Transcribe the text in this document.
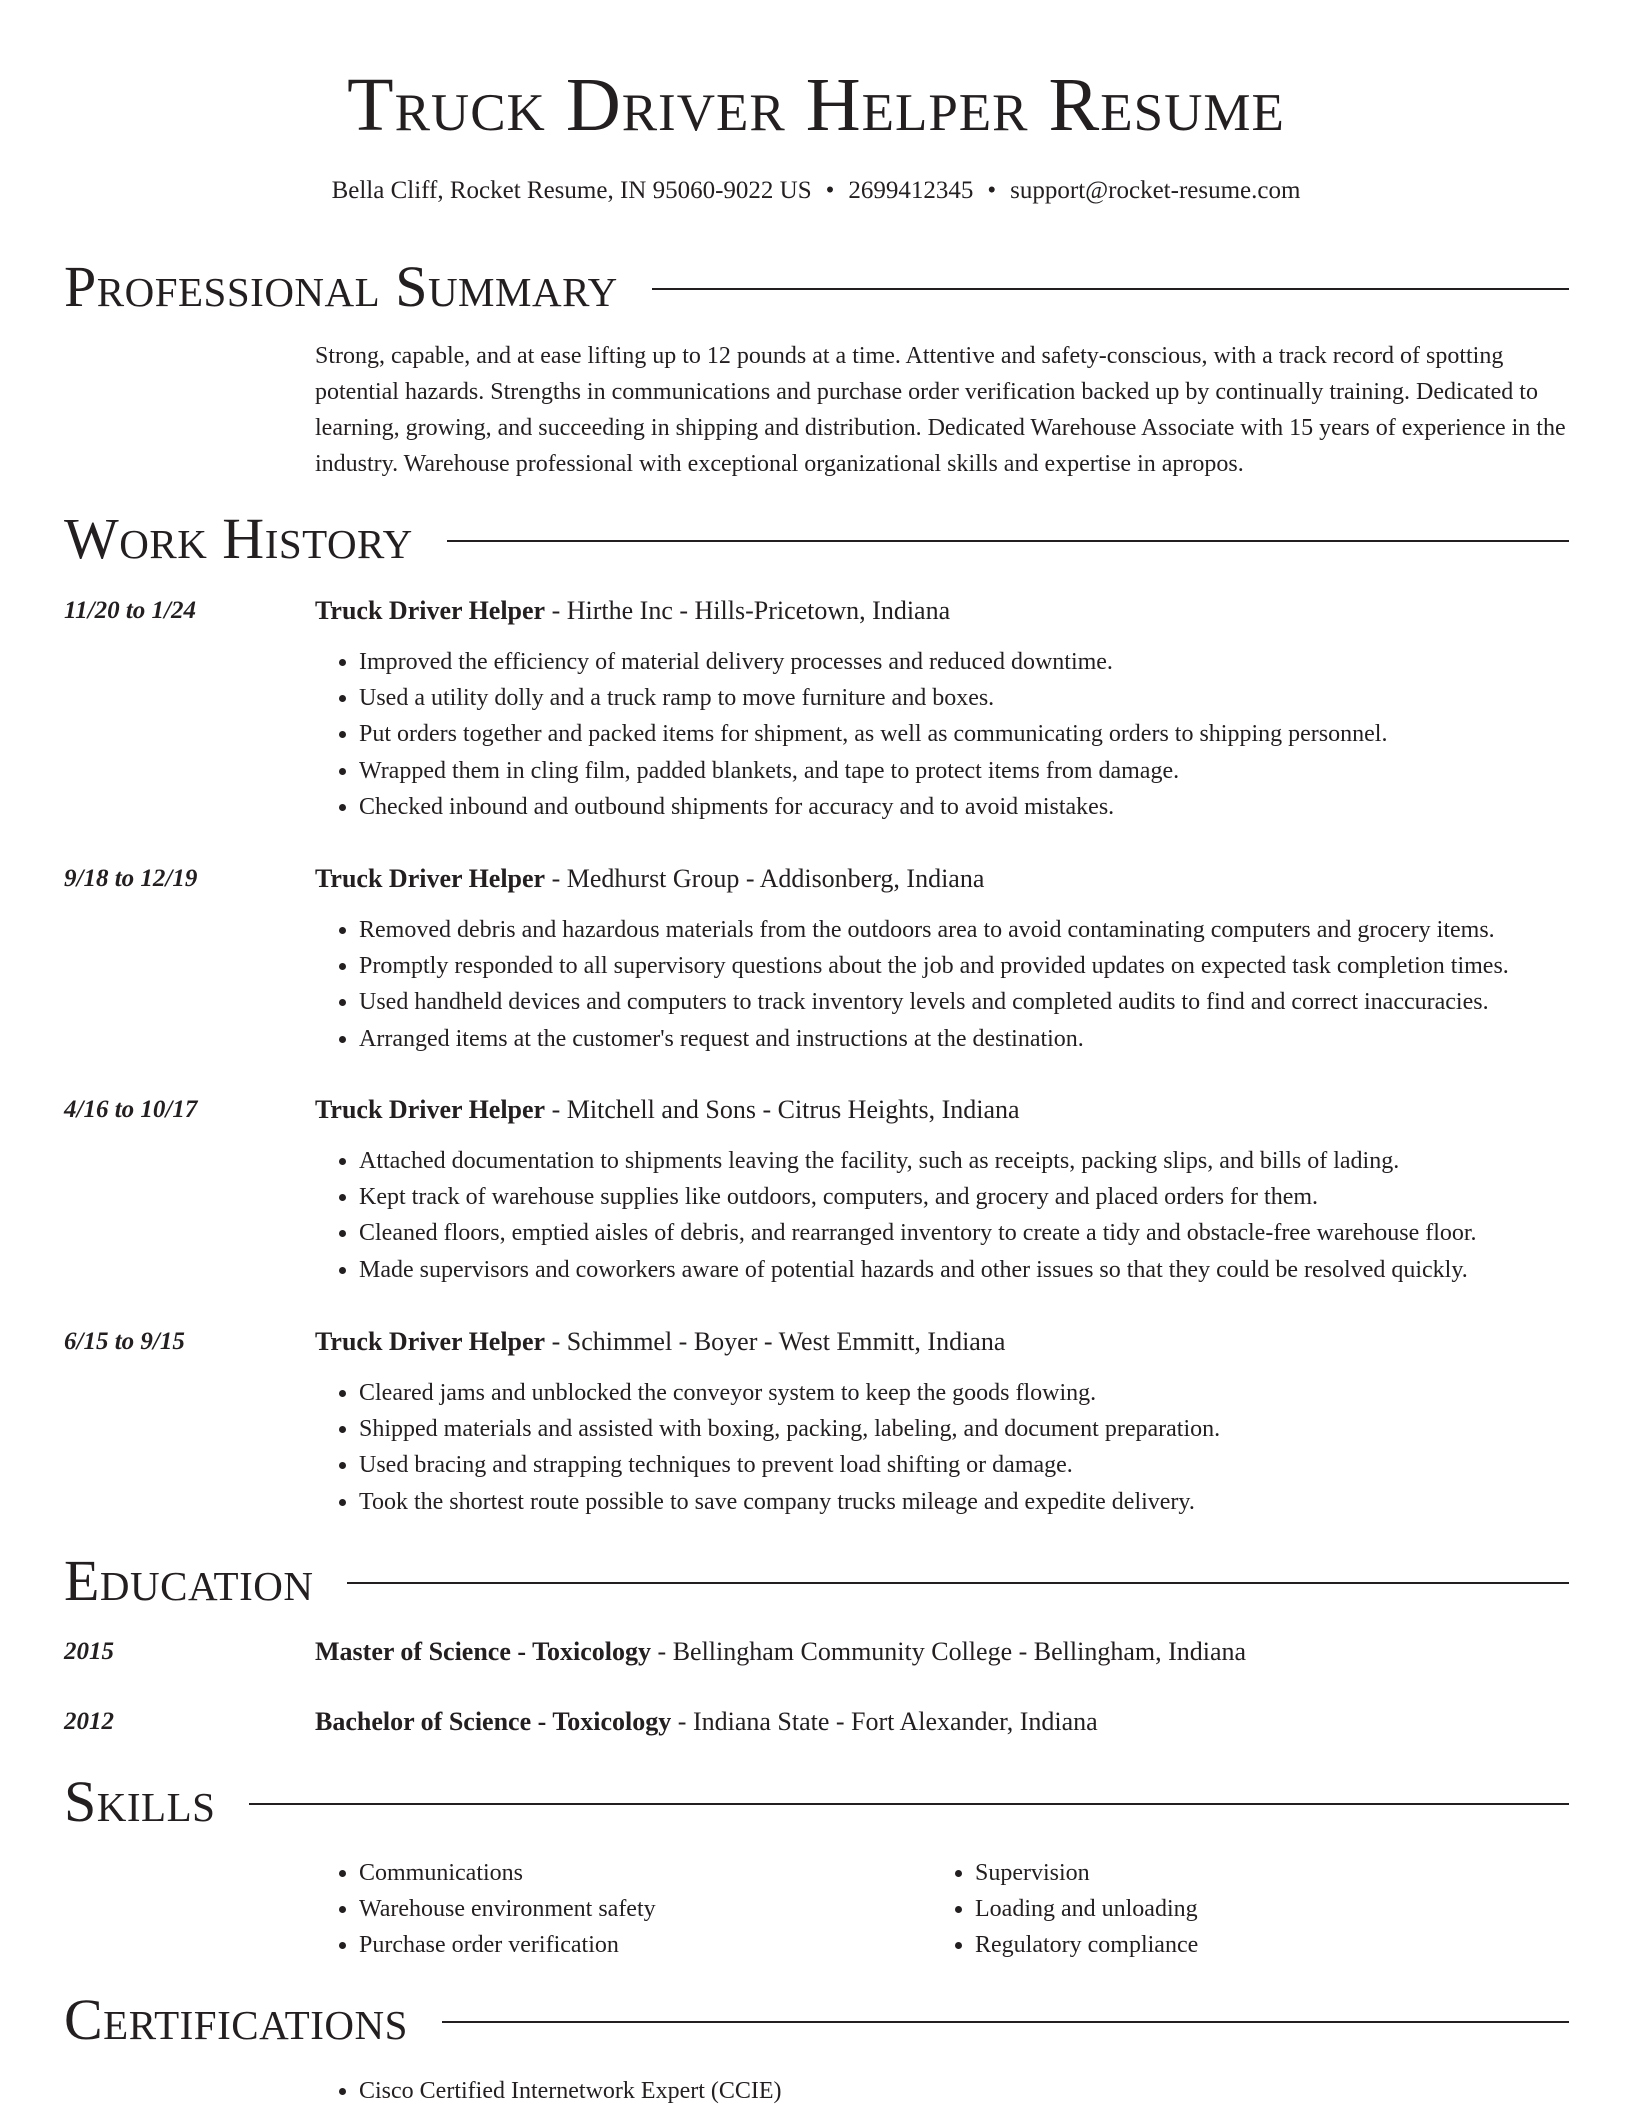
Truck Driver Helper Resume
Bella Cliff, Rocket Resume, IN 95060-9022 US • 2699412345 • support@rocket-resume.com
Professional Summary

Strong, capable, and at ease lifting up to 12 pounds at a time. Attentive and safety-conscious, with a track record of spotting potential hazards. Strengths in communications and purchase order verification backed up by continually training. Dedicated to learning, growing, and succeeding in shipping and distribution. Dedicated Warehouse Associate with 15 years of experience in the industry. Warehouse professional with exceptional organizational skills and expertise in apropos.

Work History
11/20 to 1/24	Truck Driver Helper - Hirthe Inc - Hills-Pricetown, Indiana
• Improved the efficiency of material delivery processes and reduced downtime.
• Used a utility dolly and a truck ramp to move furniture and boxes.
• Put orders together and packed items for shipment, as well as communicating orders to shipping personnel.
• Wrapped them in cling film, padded blankets, and tape to protect items from damage.
• Checked inbound and outbound shipments for accuracy and to avoid mistakes.
9/18 to 12/19	Truck Driver Helper - Medhurst Group - Addisonberg, Indiana
• Removed debris and hazardous materials from the outdoors area to avoid contaminating computers and grocery items.
• Promptly responded to all supervisory questions about the job and provided updates on expected task completion times.
• Used handheld devices and computers to track inventory levels and completed audits to find and correct inaccuracies.
• Arranged items at the customer's request and instructions at the destination.
4/16 to 10/17	Truck Driver Helper - Mitchell and Sons - Citrus Heights, Indiana
• Attached documentation to shipments leaving the facility, such as receipts, packing slips, and bills of lading.
• Kept track of warehouse supplies like outdoors, computers, and grocery and placed orders for them.
• Cleaned floors, emptied aisles of debris, and rearranged inventory to create a tidy and obstacle-free warehouse floor.
• Made supervisors and coworkers aware of potential hazards and other issues so that they could be resolved quickly.
6/15 to 9/15	Truck Driver Helper - Schimmel - Boyer - West Emmitt, Indiana
• Cleared jams and unblocked the conveyor system to keep the goods flowing.
• Shipped materials and assisted with boxing, packing, labeling, and document preparation.
• Used bracing and strapping techniques to prevent load shifting or damage.
• Took the shortest route possible to save company trucks mileage and expedite delivery.
Education
2015	Master of Science - Toxicology - Bellingham Community College - Bellingham, Indiana
2012	Bachelor of Science - Toxicology - Indiana State - Fort Alexander, Indiana
Skills
• Communications
• Warehouse environment safety
• Purchase order verification
• Supervision
• Loading and unloading
• Regulatory compliance
Certifications
• Cisco Certified Internetwork Expert (CCIE)
